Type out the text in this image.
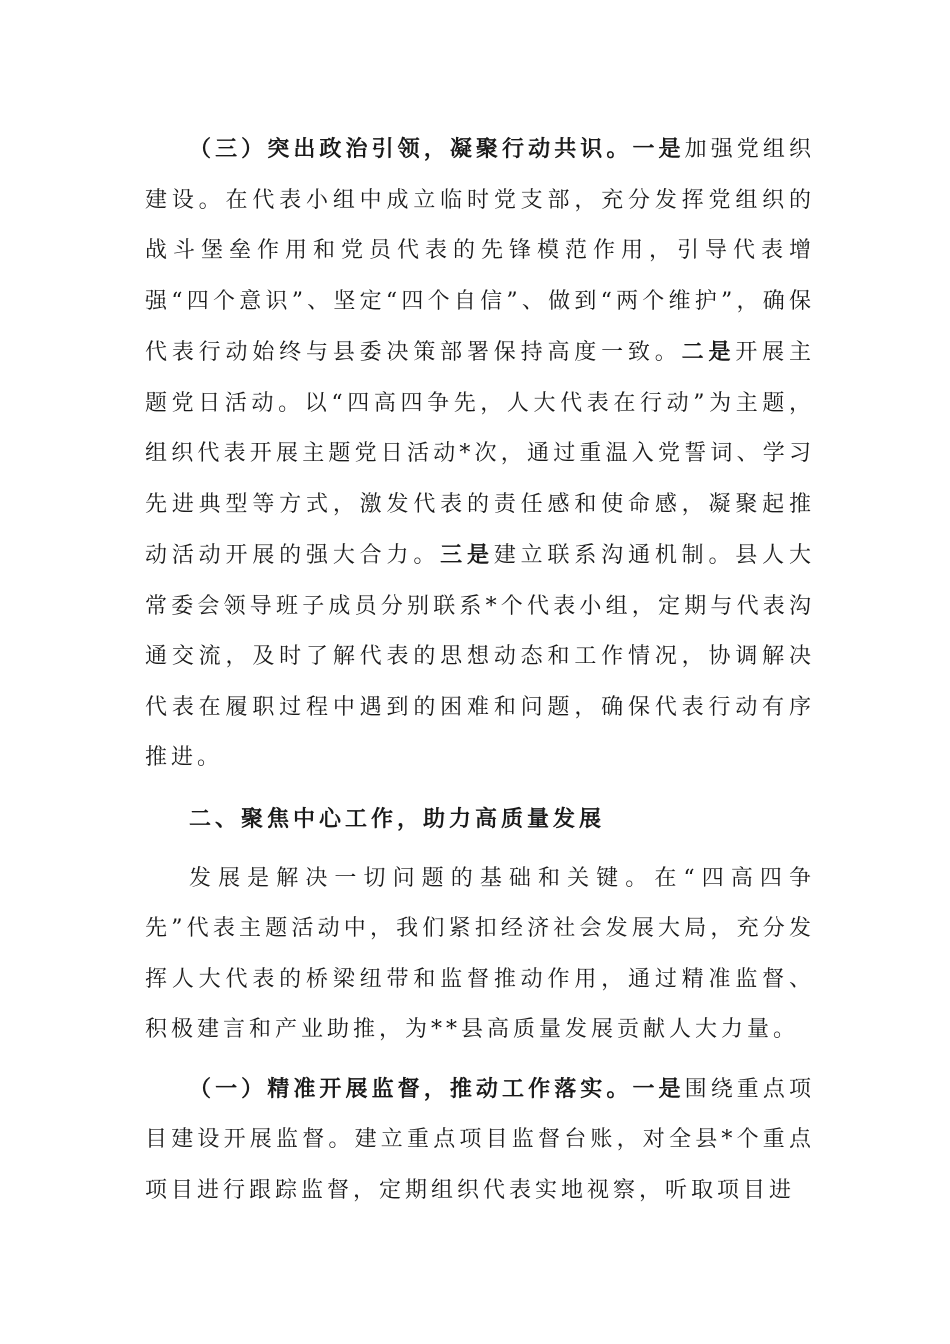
（三）突出政治引领，凝聚行动共识。一是加强党组织建设。在代表小组中成立临时党支部，充分发挥党组织的战斗堡垒作用和党员代表的先锋模范作用，引导代表增强“四个意识”、坚定“四个自信”、做到“两个维护”，确保代表行动始终与县委决策部署保持高度一致。二是开展主题党日活动。以“四高四争先，人大代表在行动”为主题，组织代表开展主题党日活动*次，通过重温入党誓词、学习先进典型等方式，激发代表的责任感和使命感，凝聚起推动活动开展的强大合力。三是建立联系沟通机制。县人大常委会领导班子成员分别联系*个代表小组，定期与代表沟通交流，及时了解代表的思想动态和工作情况，协调解决代表在履职过程中遇到的困难和问题，确保代表行动有序推进。

二、聚焦中心工作，助力高质量发展

发展是解决一切问题的基础和关键。在“四高四争先”代表主题活动中，我们紧扣经济社会发展大局，充分发挥人大代表的桥梁纽带和监督推动作用，通过精准监督、积极建言和产业助推，为**县高质量发展贡献人大力量。

（一）精准开展监督，推动工作落实。一是围绕重点项目建设开展监督。建立重点项目监督台账，对全县*个重点项目进行跟踪监督，定期组织代表实地视察，听取项目进
